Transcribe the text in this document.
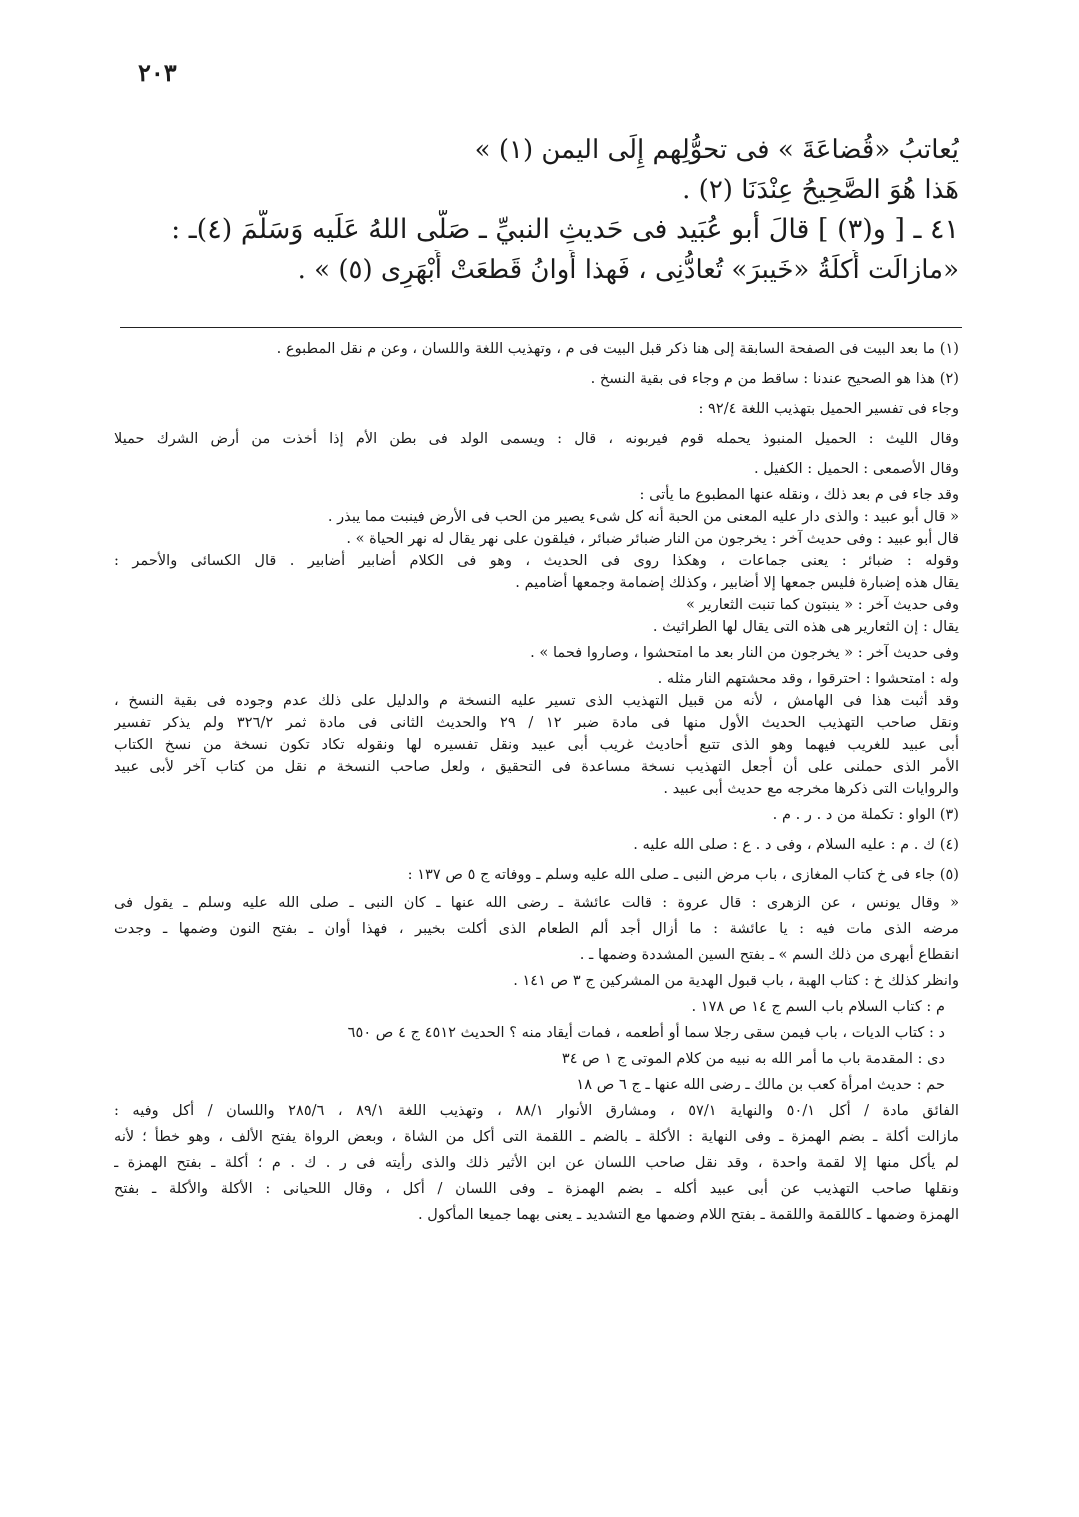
٢٠٣
يُعاتبُ «قُضاعَةَ » فى تحوُّلِهم إِلَى اليمن (١) »
هَذا هُوَ الصَّحِيحُ عِنْدَنَا (٢) .
٤١ ـ [ و(٣) ] قالَ أَبو عُبَيد فى حَديثِ النبيِّ ـ صَلَّى اللهُ عَلَيه وَسَلَّمَ (٤)ـ :
«مازالَت أُكلَةُ «خَيبرَ» تُعادُّنِى ، فَهذا أَوانُ قَطعَتْ أَبْهَرِى (٥) » .
(١) ما بعد البيت فى الصفحة السابقة إلى هنا ذكر قبل البيت فى م ، وتهذيب اللغة واللسان ، وعن م نقل المطبوع .
(٢) هذا هو الصحيح عندنا : ساقط من م وجاء فى بقية النسخ .
وجاء فى تفسير الحميل بتهذيب اللغة ٩٢/٤ :
وقال الليث : الحميل المنبوذ يحمله قوم فيربونه ، قال : ويسمى الولد فى بطن الأم إذا أخذت من أرض الشرك حميلا
وقال الأصمعى : الحميل : الكفيل .
وقد جاء فى م بعد ذلك ، ونقله عنها المطبوع ما يأتى :
« قال أبو عبيد : والذى دار عليه المعنى من الحبة أنه كل شىء يصير من الحب فى الأرض فينبت مما يبذر .
قال أبو عبيد : وفى حديث آخر : يخرجون من النار ضبائر ضبائر ، فيلقون على نهر يقال له نهر الحياة » .
وقوله : ضبائر : يعنى جماعات ، وهكذا روى فى الحديث ، وهو فى الكلام أضابير أضابير . قال الكسائى والأحمر :
يقال هذه إضبارة فليس جمعها إلا أضابير ، وكذلك إضمامة وجمعها أضاميم .
وفى حديث آخر : « ينبتون كما تنبت الثعارير »
يقال : إن الثعارير هى هذه التى يقال لها الطراثيث .
وفى حديث آخر : « يخرجون من النار بعد ما امتحشوا ، وصاروا فحما » .
وله : امتحشوا : احترقوا ، وقد محشتهم النار مثله .
وقد أثبت هذا فى الهامش ، لأنه من قبيل التهذيب الذى تسير عليه النسخة م والدليل على ذلك عدم وجوده فى بقية النسخ ،
ونقل صاحب التهذيب الحديث الأول منها فى مادة ضبر ١٢ / ٢٩ والحديث الثانى فى مادة ثمر ٣٢٦/٢ ولم يذكر تفسير
أبى عبيد للغريب فيهما وهو الذى تتبع أحاديث غريب أبى عبيد ونقل تفسيره لها ونقوله تكاد تكون نسخة من نسخ الكتاب
الأمر الذى حملنى على أن أجعل التهذيب نسخة مساعدة فى التحقيق ، ولعل صاحب النسخة م نقل من كتاب آخر لأبى عبيد
والروايات التى ذكرها مخرجه مع حديث أبى عبيد .
(٣) الواو : تكملة من د . ر . م .
(٤) ك . م : عليه السلام ، وفى د . ع : صلى الله عليه .
(٥) جاء فى خ كتاب المغازى ، باب مرض النبى ـ صلى الله عليه وسلم ـ ووفاته ج ٥ ص ١٣٧ :
« وقال يونس ، عن الزهرى : قال عروة : قالت عائشة ـ رضى الله عنها ـ كان النبى ـ صلى الله عليه وسلم ـ يقول فى
مرضه الذى مات فيه : يا عائشة : ما أزال أجد ألم الطعام الذى أكلت بخيبر ، فهذا أوان ـ بفتح النون وضمها ـ وجدت
انقطاع أبهرى من ذلك السم » ـ بفتح السين المشددة وضمها ـ .
وانظر كذلك خ : كتاب الهبة ، باب قبول الهدية من المشركين ج ٣ ص ١٤١ .
م : كتاب السلام باب السم ج ١٤ ص ١٧٨ .
د : كتاب الديات ، باب فيمن سقى رجلا سما أو أطعمه ، فمات أيقاد منه ؟ الحديث ٤٥١٢ ج ٤ ص ٦٥٠
دى : المقدمة باب ما أمر الله به نبيه من كلام الموتى ج ١ ص ٣٤
حم : حديث امرأة كعب بن مالك ـ رضى الله عنها ـ ج ٦ ص ١٨
الفائق مادة / أكل ٥٠/١ والنهاية ٥٧/١ ، ومشارق الأنوار ٨٨/١ ، وتهذيب اللغة ٨٩/١ ، ٢٨٥/٦ واللسان / أكل وفيه :
مازالت أكلة ـ بضم الهمزة ـ وفى النهاية : الأكلة ـ بالضم ـ اللقمة التى أكل من الشاة ، وبعض الرواة يفتح الألف ، وهو خطأ ؛ لأنه
لم يأكل منها إلا لقمة واحدة ، وقد نقل صاحب اللسان عن ابن الأثير ذلك والذى رأيته فى ر . ك . م ؛ أكلة ـ بفتح الهمزة ـ
ونقلها صاحب التهذيب عن أبى عبيد أكله ـ بضم الهمزة ـ وفى اللسان / أكل ، وقال اللحيانى : الأكلة والأكلة ـ بفتح
الهمزة وضمها ـ كاللقمة واللقمة ـ بفتح اللام وضمها مع التشديد ـ يعنى بهما جميعا المأكول .
